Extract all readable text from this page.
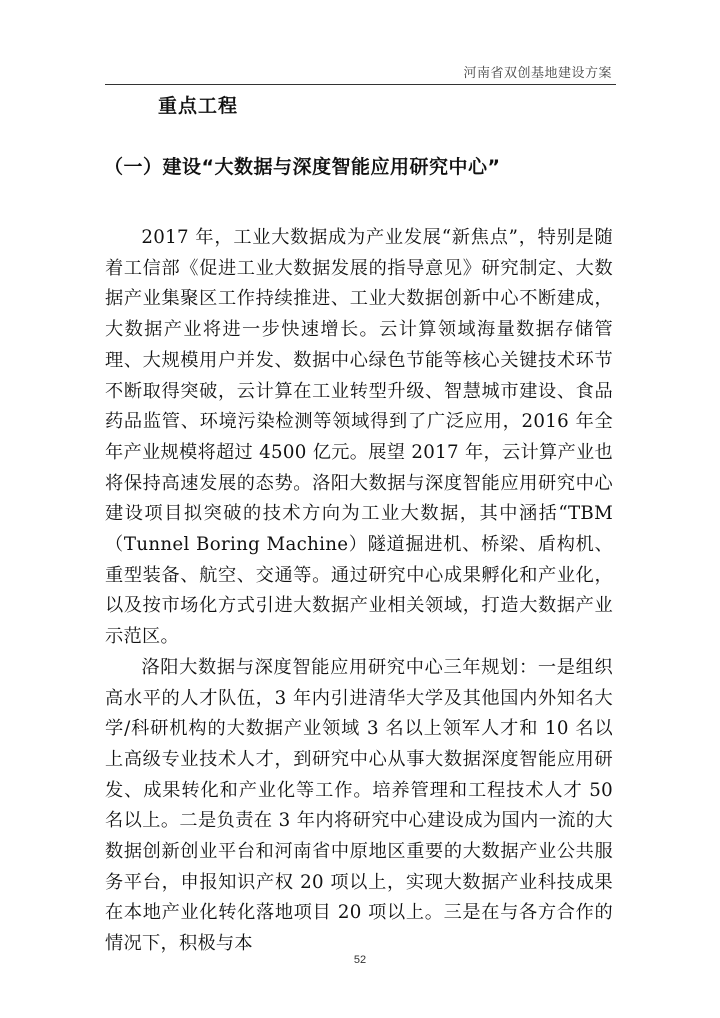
河南省双创基地建设方案
重点工程
（一）建设“大数据与深度智能应用研究中心”

2017 年，工业大数据成为产业发展“新焦点”，特别是随着工信部《促进工业大数据发展的指导意见》研究制定、大数据产业集聚区工作持续推进、工业大数据创新中心不断建成，大数据产业将进一步快速增长。云计算领域海量数据存储管理、大规模用户并发、数据中心绿色节能等核心关键技术环节不断取得突破，云计算在工业转型升级、智慧城市建设、食品药品监管、环境污染检测等领域得到了广泛应用，2016 年全年产业规模将超过 4500 亿元。展望 2017 年，云计算产业也将保持高速发展的态势。洛阳大数据与深度智能应用研究中心建设项目拟突破的技术方向为工业大数据，其中涵括“TBM（Tunnel Boring Machine）隧道掘进机、桥梁、盾构机、重型装备、航空、交通等。通过研究中心成果孵化和产业化，以及按市场化方式引进大数据产业相关领域，打造大数据产业示范区。

洛阳大数据与深度智能应用研究中心三年规划：一是组织高水平的人才队伍，3 年内引进清华大学及其他国内外知名大学/科研机构的大数据产业领域 3 名以上领军人才和 10 名以上高级专业技术人才，到研究中心从事大数据深度智能应用研发、成果转化和产业化等工作。培养管理和工程技术人才 50 名以上。二是负责在 3 年内将研究中心建设成为国内一流的大数据创新创业平台和河南省中原地区重要的大数据产业公共服务平台，申报知识产权 20 项以上，实现大数据产业科技成果在本地产业化转化落地项目 20 项以上。三是在与各方合作的情况下，积极与本

52
